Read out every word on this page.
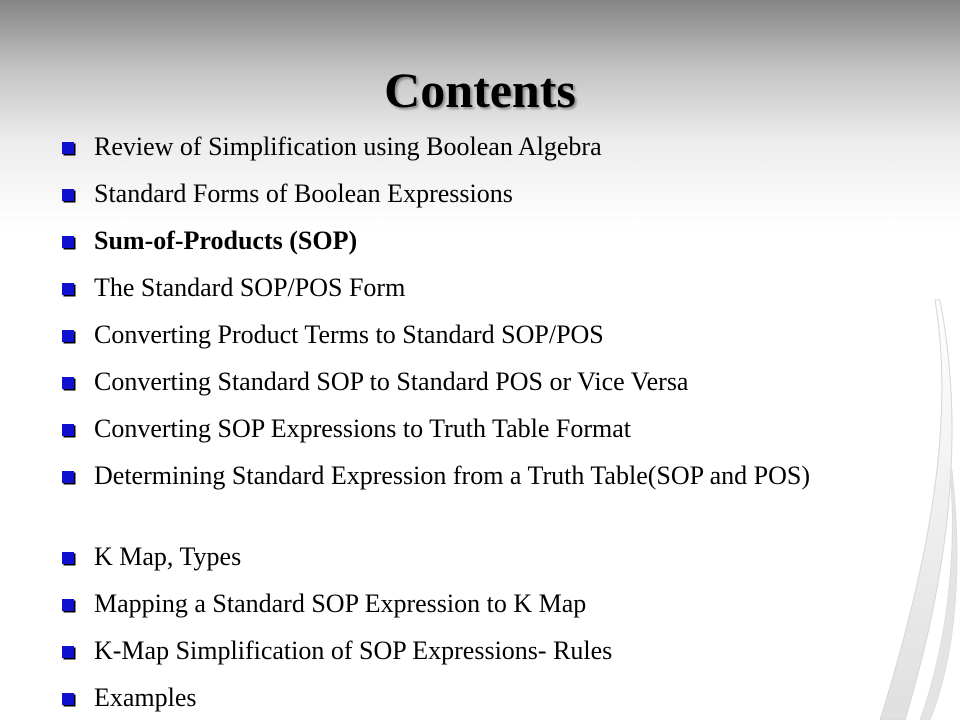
Contents
Review of Simplification using Boolean Algebra
Standard Forms of Boolean Expressions
Sum-of-Products (SOP)
The Standard SOP/POS Form
Converting Product Terms to Standard SOP/POS
Converting Standard SOP to Standard POS or Vice Versa
Converting SOP Expressions to Truth Table Format
Determining Standard Expression from a Truth Table(SOP and POS)
K Map, Types
Mapping a Standard SOP Expression to K Map
K-Map Simplification of SOP Expressions- Rules
Examples
